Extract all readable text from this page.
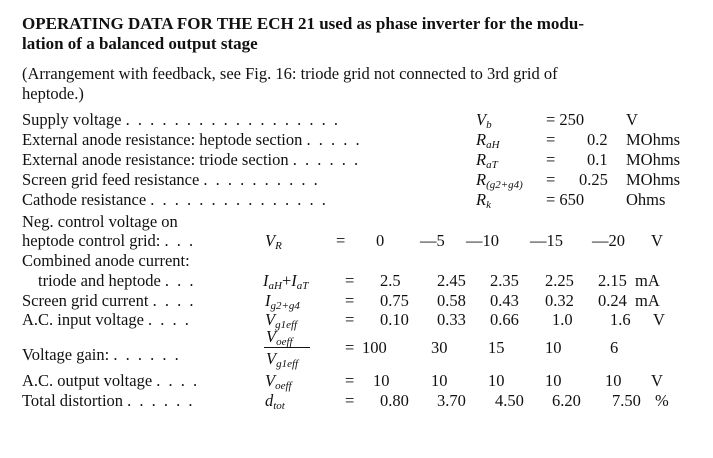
OPERATING DATA FOR THE ECH 21 used as phase inverter for the modu-
lation of a balanced output stage
(Arrangement with feedback, see Fig. 16: triode grid not connected to 3rd grid of
heptode.)
Supply voltage . . . . . . . . . . . . . . . . . .	$V_b$	= 250	V
External anode resistance: heptode section . . . . .	$R_{aH}$	= 0.2 MOhms
External anode resistance: triode section . . . . . .	$R_{aT}$	= 0.1 MOhms
Screen grid feed resistance . . . . . . . . . .	$R_{(g2+g4)} = 0.25$ MOhms
Cathode resistance . . . . . . . . . . . . . . .	$R_k$	= 650	Ohms
Neg. control voltage on
heptode control grid: . . .	$V_R$	= 0 —5 —10 —15 —20 V
Combined anode current:
triode and heptode . . .	$I_{aH}+I_{aT} = 2.5$ 2.45 2.35 2.25 2.15 mA
Screen grid current . . . .	$I_{g2+g4}$	= 0.75 0.58 0.43 0.32 0.24 mA
A.C. input voltage . . . .	$V_{g1eff}$	= 0.10 0.33 0.66 1.0 1.6 V
Voltage gain: . . . . . .
$V_{oeff}$
$V_{g1eff}$
= 100	30 15 10	6
A.C. output voltage . . . .	$V_{oeff}$	= 10	10 10 10	10 V
Total distortion . . . . . .	$d_{tot}$	= 0.80 3.70 4.50 6.20 7.50 %
